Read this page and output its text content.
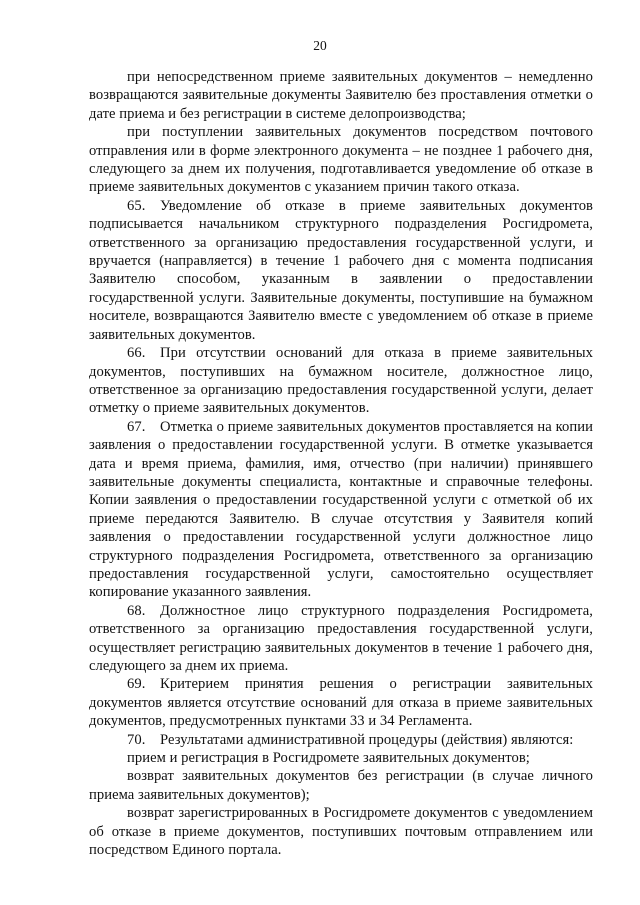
20

при непосредственном приеме заявительных документов – немедленно возвращаются заявительные документы Заявителю без проставления отметки о дате приема и без регистрации в системе делопроизводства;

при поступлении заявительных документов посредством почтового отправления или в форме электронного документа – не позднее 1 рабочего дня, следующего за днем их получения, подготавливается уведомление об отказе в приеме заявительных документов с указанием причин такого отказа.

65. Уведомление об отказе в приеме заявительных документов подписывается начальником структурного подразделения Росгидромета, ответственного за организацию предоставления государственной услуги, и вручается (направляется) в течение 1 рабочего дня с момента подписания Заявителю способом, указанным в заявлении о предоставлении государственной услуги. Заявительные документы, поступившие на бумажном носителе, возвращаются Заявителю вместе с уведомлением об отказе в приеме заявительных документов.

66. При отсутствии оснований для отказа в приеме заявительных документов, поступивших на бумажном носителе, должностное лицо, ответственное за организацию предоставления государственной услуги, делает отметку о приеме заявительных документов.

67. Отметка о приеме заявительных документов проставляется на копии заявления о предоставлении государственной услуги. В отметке указывается дата и время приема, фамилия, имя, отчество (при наличии) принявшего заявительные документы специалиста, контактные и справочные телефоны. Копии заявления о предоставлении государственной услуги с отметкой об их приеме передаются Заявителю. В случае отсутствия у Заявителя копий заявления о предоставлении государственной услуги должностное лицо структурного подразделения Росгидромета, ответственного за организацию предоставления государственной услуги, самостоятельно осуществляет копирование указанного заявления.

68. Должностное лицо структурного подразделения Росгидромета, ответственного за организацию предоставления государственной услуги, осуществляет регистрацию заявительных документов в течение 1 рабочего дня, следующего за днем их приема.

69. Критерием принятия решения о регистрации заявительных документов является отсутствие оснований для отказа в приеме заявительных документов, предусмотренных пунктами 33 и 34 Регламента.

70. Результатами административной процедуры (действия) являются:

прием и регистрация в Росгидромете заявительных документов;

возврат заявительных документов без регистрации (в случае личного приема заявительных документов);

возврат зарегистрированных в Росгидромете документов с уведомлением об отказе в приеме документов, поступивших почтовым отправлением или посредством Единого портала.
